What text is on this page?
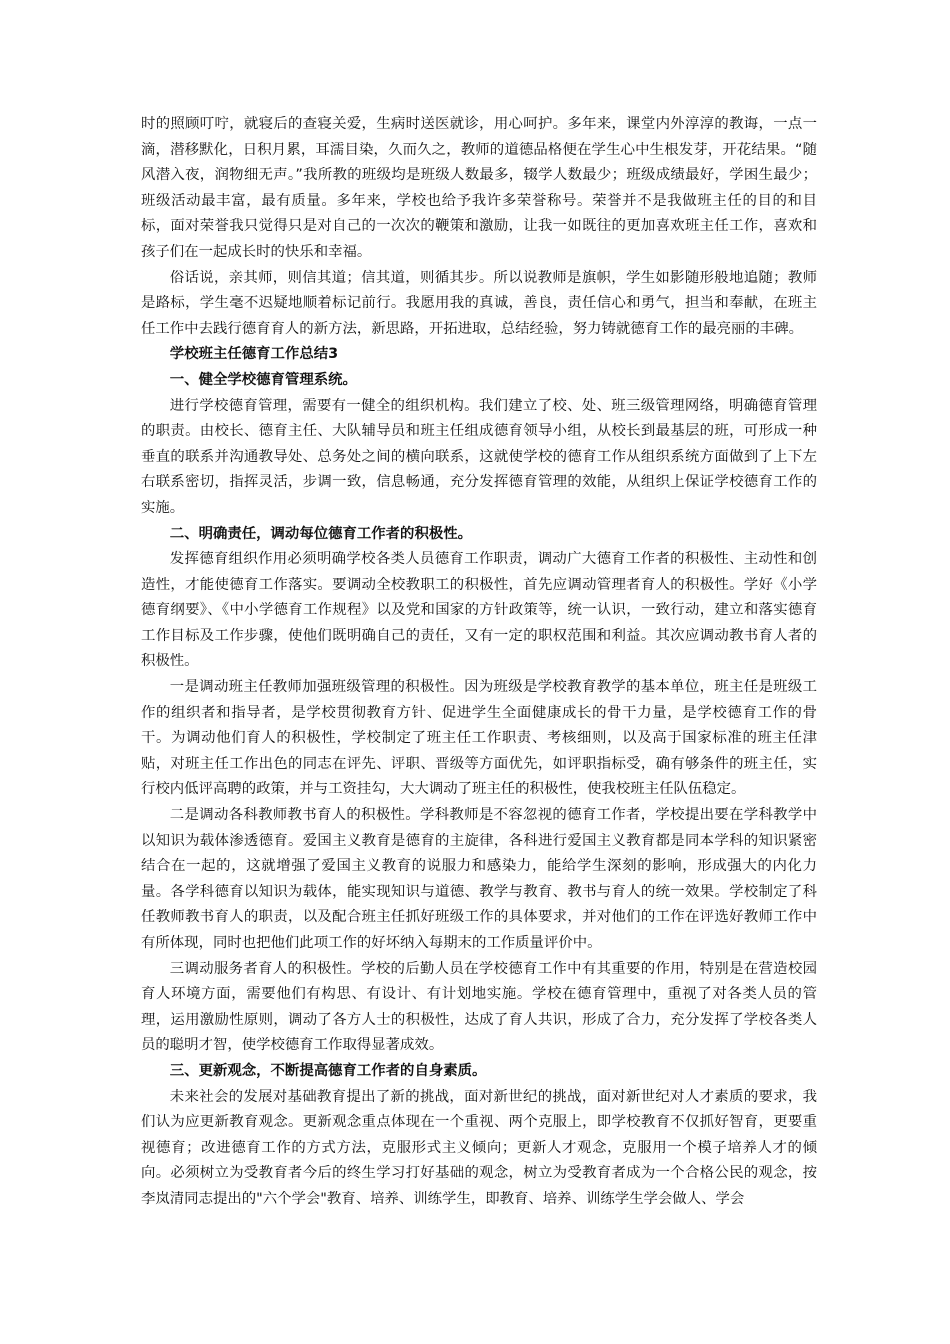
时的照顾叮咛，就寝后的查寝关爱，生病时送医就诊，用心呵护。多年来，课堂内外淳淳的教诲，一点一滴，潜移默化，日积月累，耳濡目染，久而久之，教师的道德品格便在学生心中生根发芽，开花结果。“随风潜入夜，润物细无声。”我所教的班级均是班级人数最多，辍学人数最少；班级成绩最好，学困生最少；班级活动最丰富，最有质量。多年来，学校也给予我许多荣誉称号。荣誉并不是我做班主任的目的和目标，面对荣誉我只觉得只是对自己的一次次的鞭策和激励，让我一如既往的更加喜欢班主任工作，喜欢和孩子们在一起成长时的快乐和幸福。

俗话说，亲其师，则信其道；信其道，则循其步。所以说教师是旗帜，学生如影随形般地追随；教师是路标，学生毫不迟疑地顺着标记前行。我愿用我的真诚，善良，责任信心和勇气，担当和奉献，在班主任工作中去践行德育育人的新方法，新思路，开拓进取，总结经验，努力铸就德育工作的最亮丽的丰碑。

学校班主任德育工作总结3

一、健全学校德育管理系统。

进行学校德育管理，需要有一健全的组织机构。我们建立了校、处、班三级管理网络，明确德育管理的职责。由校长、德育主任、大队辅导员和班主任组成德育领导小组，从校长到最基层的班，可形成一种垂直的联系并沟通教导处、总务处之间的横向联系，这就使学校的德育工作从组织系统方面做到了上下左右联系密切，指挥灵活，步调一致，信息畅通，充分发挥德育管理的效能，从组织上保证学校德育工作的实施。

二、明确责任，调动每位德育工作者的积极性。

发挥德育组织作用必须明确学校各类人员德育工作职责，调动广大德育工作者的积极性、主动性和创造性，才能使德育工作落实。要调动全校教职工的积极性，首先应调动管理者育人的积极性。学好《小学德育纲要》、《中小学德育工作规程》以及党和国家的方针政策等，统一认识，一致行动，建立和落实德育工作目标及工作步骤，使他们既明确自己的责任，又有一定的职权范围和利益。其次应调动教书育人者的积极性。

一是调动班主任教师加强班级管理的积极性。因为班级是学校教育教学的基本单位，班主任是班级工作的组织者和指导者，是学校贯彻教育方针、促进学生全面健康成长的骨干力量，是学校德育工作的骨干。为调动他们育人的积极性，学校制定了班主任工作职责、考核细则，以及高于国家标准的班主任津贴，对班主任工作出色的同志在评先、评职、晋级等方面优先，如评职指标受，确有够条件的班主任，实行校内低评高聘的政策，并与工资挂勾，大大调动了班主任的积极性，使我校班主任队伍稳定。

二是调动各科教师教书育人的积极性。学科教师是不容忽视的德育工作者，学校提出要在学科教学中以知识为载体渗透德育。爱国主义教育是德育的主旋律，各科进行爱国主义教育都是同本学科的知识紧密结合在一起的，这就增强了爱国主义教育的说服力和感染力，能给学生深刻的影响，形成强大的内化力量。各学科德育以知识为载体，能实现知识与道德、教学与教育、教书与育人的统一效果。学校制定了科任教师教书育人的职责，以及配合班主任抓好班级工作的具体要求，并对他们的工作在评选好教师工作中有所体现，同时也把他们此项工作的好坏纳入每期末的工作质量评价中。

三调动服务者育人的积极性。学校的后勤人员在学校德育工作中有其重要的作用，特别是在营造校园育人环境方面，需要他们有构思、有设计、有计划地实施。学校在德育管理中，重视了对各类人员的管理，运用激励性原则，调动了各方人士的积极性，达成了育人共识，形成了合力，充分发挥了学校各类人员的聪明才智，使学校德育工作取得显著成效。

三、更新观念，不断提高德育工作者的自身素质。

未来社会的发展对基础教育提出了新的挑战，面对新世纪的挑战，面对新世纪对人才素质的要求，我们认为应更新教育观念。更新观念重点体现在一个重视、两个克服上，即学校教育不仅抓好智育，更要重视德育；改进德育工作的方式方法，克服形式主义倾向；更新人才观念，克服用一个模子培养人才的倾向。必须树立为受教育者今后的终生学习打好基础的观念，树立为受教育者成为一个合格公民的观念，按李岚清同志提出的"六个学会"教育、培养、训练学生，即教育、培养、训练学生学会做人、学会
